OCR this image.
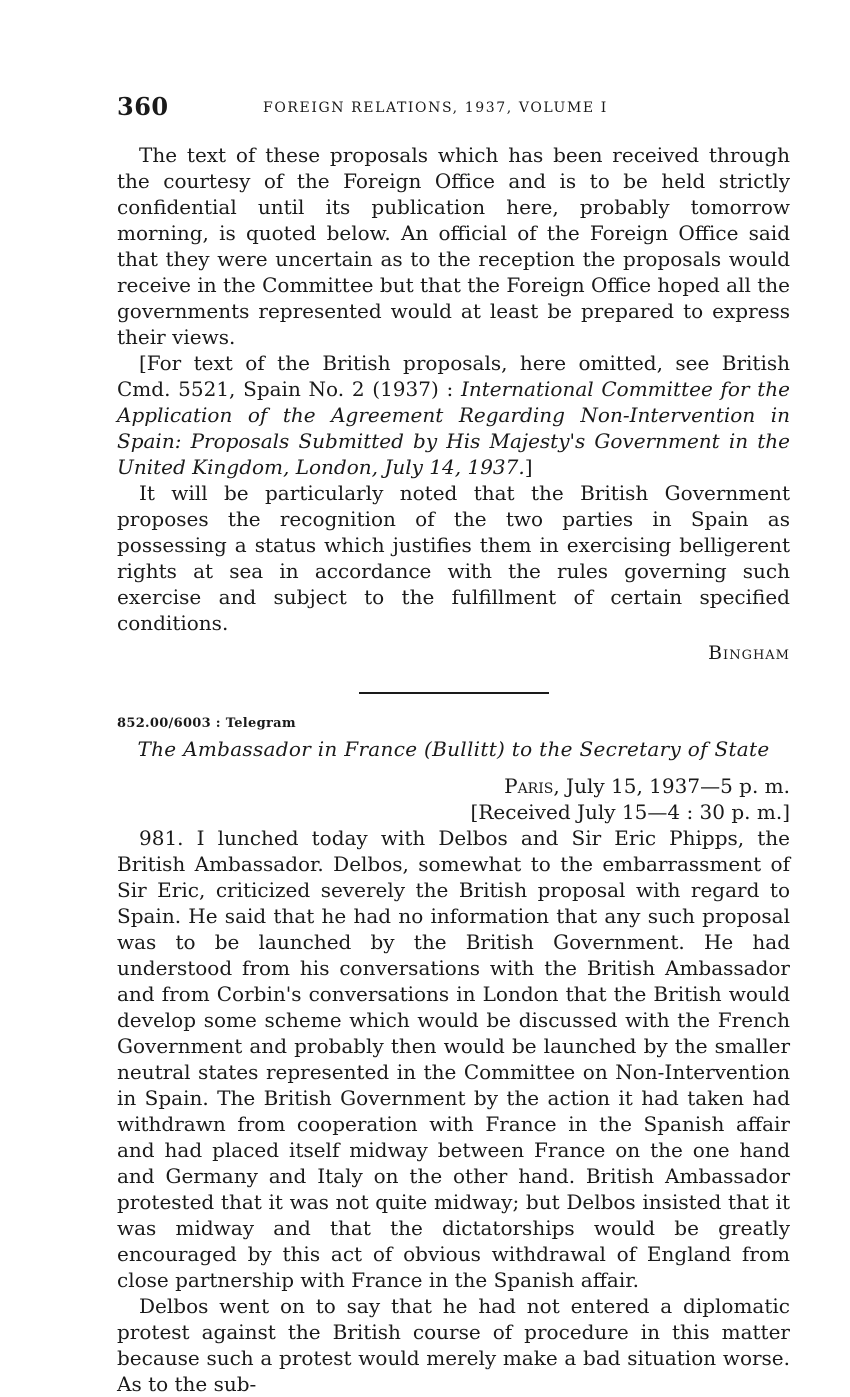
360	FOREIGN RELATIONS, 1937, VOLUME I

The text of these proposals which has been received through the courtesy of the Foreign Office and is to be held strictly confidential until its publication here, probably tomorrow morning, is quoted below. An official of the Foreign Office said that they were uncertain as to the reception the proposals would receive in the Committee but that the Foreign Office hoped all the governments represented would at least be prepared to express their views.

[For text of the British proposals, here omitted, see British Cmd. 5521, Spain No. 2 (1937) : International Committee for the Application of the Agreement Regarding Non-Intervention in Spain: Proposals Submitted by His Majesty's Government in the United Kingdom, London, July 14, 1937.]

It will be particularly noted that the British Government proposes the recognition of the two parties in Spain as possessing a status which justifies them in exercising belligerent rights at sea in accordance with the rules governing such exercise and subject to the fulfillment of certain specified conditions.

Bingham
852.00/6003 : Telegram
The Ambassador in France (Bullitt) to the Secretary of State
Paris, July 15, 1937—5 p. m.
[Received July 15—4 : 30 p. m.]

981. I lunched today with Delbos and Sir Eric Phipps, the British Ambassador. Delbos, somewhat to the embarrassment of Sir Eric, criticized severely the British proposal with regard to Spain. He said that he had no information that any such proposal was to be launched by the British Government. He had understood from his conversations with the British Ambassador and from Corbin's conversations in London that the British would develop some scheme which would be discussed with the French Government and probably then would be launched by the smaller neutral states represented in the Committee on Non-Intervention in Spain. The British Government by the action it had taken had withdrawn from cooperation with France in the Spanish affair and had placed itself midway between France on the one hand and Germany and Italy on the other hand. British Ambassador protested that it was not quite midway; but Delbos insisted that it was midway and that the dictatorships would be greatly encouraged by this act of obvious withdrawal of England from close partnership with France in the Spanish affair.

Delbos went on to say that he had not entered a diplomatic protest against the British course of procedure in this matter because such a protest would merely make a bad situation worse. As to the sub-
